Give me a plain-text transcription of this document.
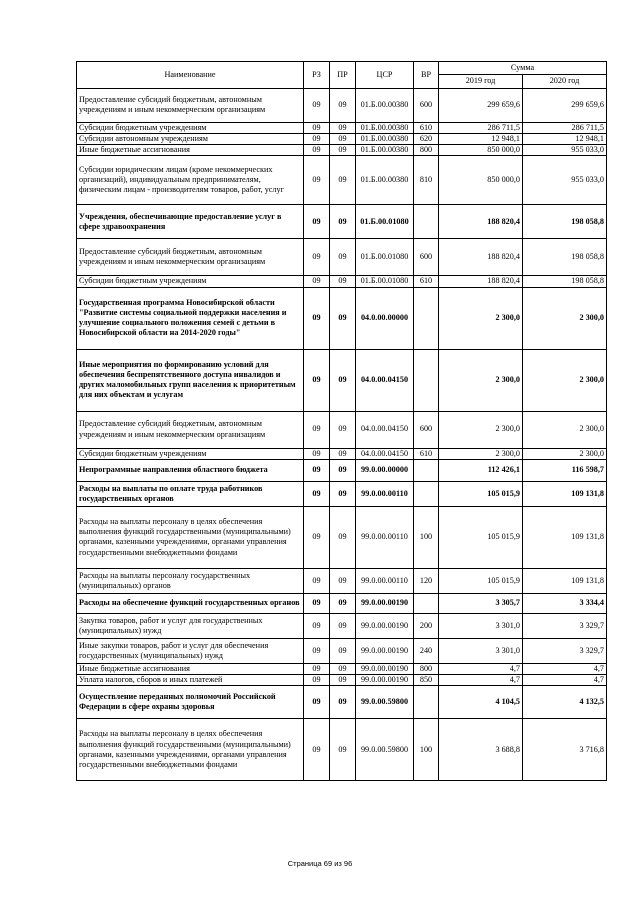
Наименование	РЗ	ПР	ЦСР	ВР	Сумма	
					2019 год	2020 год
Предоставление субсидий бюджетным, автономным учреждениям и иным некоммерческим организациям	09	09	01.Б.00.00380	600	299 659,6	299 659,6
Субсидии бюджетным учреждениям	09	09	01.Б.00.00380	610	286 711,5	286 711,5
Субсидии автономным учреждениям	09	09	01.Б.00.00380	620	12 948,1	12 948,1
Иные бюджетные ассигнования	09	09	01.Б.00.00380	800	850 000,0	955 033,0
Субсидии юридическим лицам (кроме некоммерческих организаций), индивидуальным предпринимателям, физическим лицам - производителям товаров, работ, услуг	09	09	01.Б.00.00380	810	850 000,0	955 033,0
Учреждения, обеспечивающие предоставление услуг в сфере здравоохранения	09	09	01.Б.00.01080		188 820,4	198 058,8
Предоставление субсидий бюджетным, автономным учреждениям и иным некоммерческим организациям	09	09	01.Б.00.01080	600	188 820,4	198 058,8
Субсидии бюджетным учреждениям	09	09	01.Б.00.01080	610	188 820,4	198 058,8
Государственная программа Новосибирской области "Развитие системы социальной поддержки населения и улучшение социального положения семей с детьми в Новосибирской области на 2014-2020 годы"	09	09	04.0.00.00000		2 300,0	2 300,0
Иные мероприятия по формированию условий для обеспечения беспрепятственного доступа инвалидов и других маломобильных групп населения к приоритетным для них объектам и услугам	09	09	04.0.00.04150		2 300,0	2 300,0
Предоставление субсидий бюджетным, автономным учреждениям и иным некоммерческим организациям	09	09	04.0.00.04150	600	2 300,0	2 300,0
Субсидии бюджетным учреждениям	09	09	04.0.00.04150	610	2 300,0	2 300,0
Непрограммные направления областного бюджета	09	09	99.0.00.00000		112 426,1	116 598,7
Расходы на выплаты по оплате труда работников государственных органов	09	09	99.0.00.00110		105 015,9	109 131,8
Расходы на выплаты персоналу в целях обеспечения выполнения функций государственными (муниципальными) органами, казенными учреждениями, органами управления государственными внебюджетными фондами	09	09	99.0.00.00110	100	105 015,9	109 131,8
Расходы на выплаты персоналу государственных (муниципальных) органов	09	09	99.0.00.00110	120	105 015,9	109 131,8
Расходы на обеспечение функций государственных органов	09	09	99.0.00.00190		3 305,7	3 334,4
Закупка товаров, работ и услуг для государственных (муниципальных) нужд	09	09	99.0.00.00190	200	3 301,0	3 329,7
Иные закупки товаров, работ и услуг для обеспечения государственных (муниципальных) нужд	09	09	99.0.00.00190	240	3 301,0	3 329,7
Иные бюджетные ассигнования	09	09	99.0.00.00190	800	4,7	4,7
Уплата налогов, сборов и иных платежей	09	09	99.0.00.00190	850	4,7	4,7
Осуществление переданных полномочий Российской Федерации в сфере охраны здоровья	09	09	99.0.00.59800		4 104,5	4 132,5
Расходы на выплаты персоналу в целях обеспечения выполнения функций государственными (муниципальными) органами, казенными учреждениями, органами управления государственными внебюджетными фондами	09	09	99.0.00.59800	100	3 688,8	3 716,8
Страница 69 из 96
